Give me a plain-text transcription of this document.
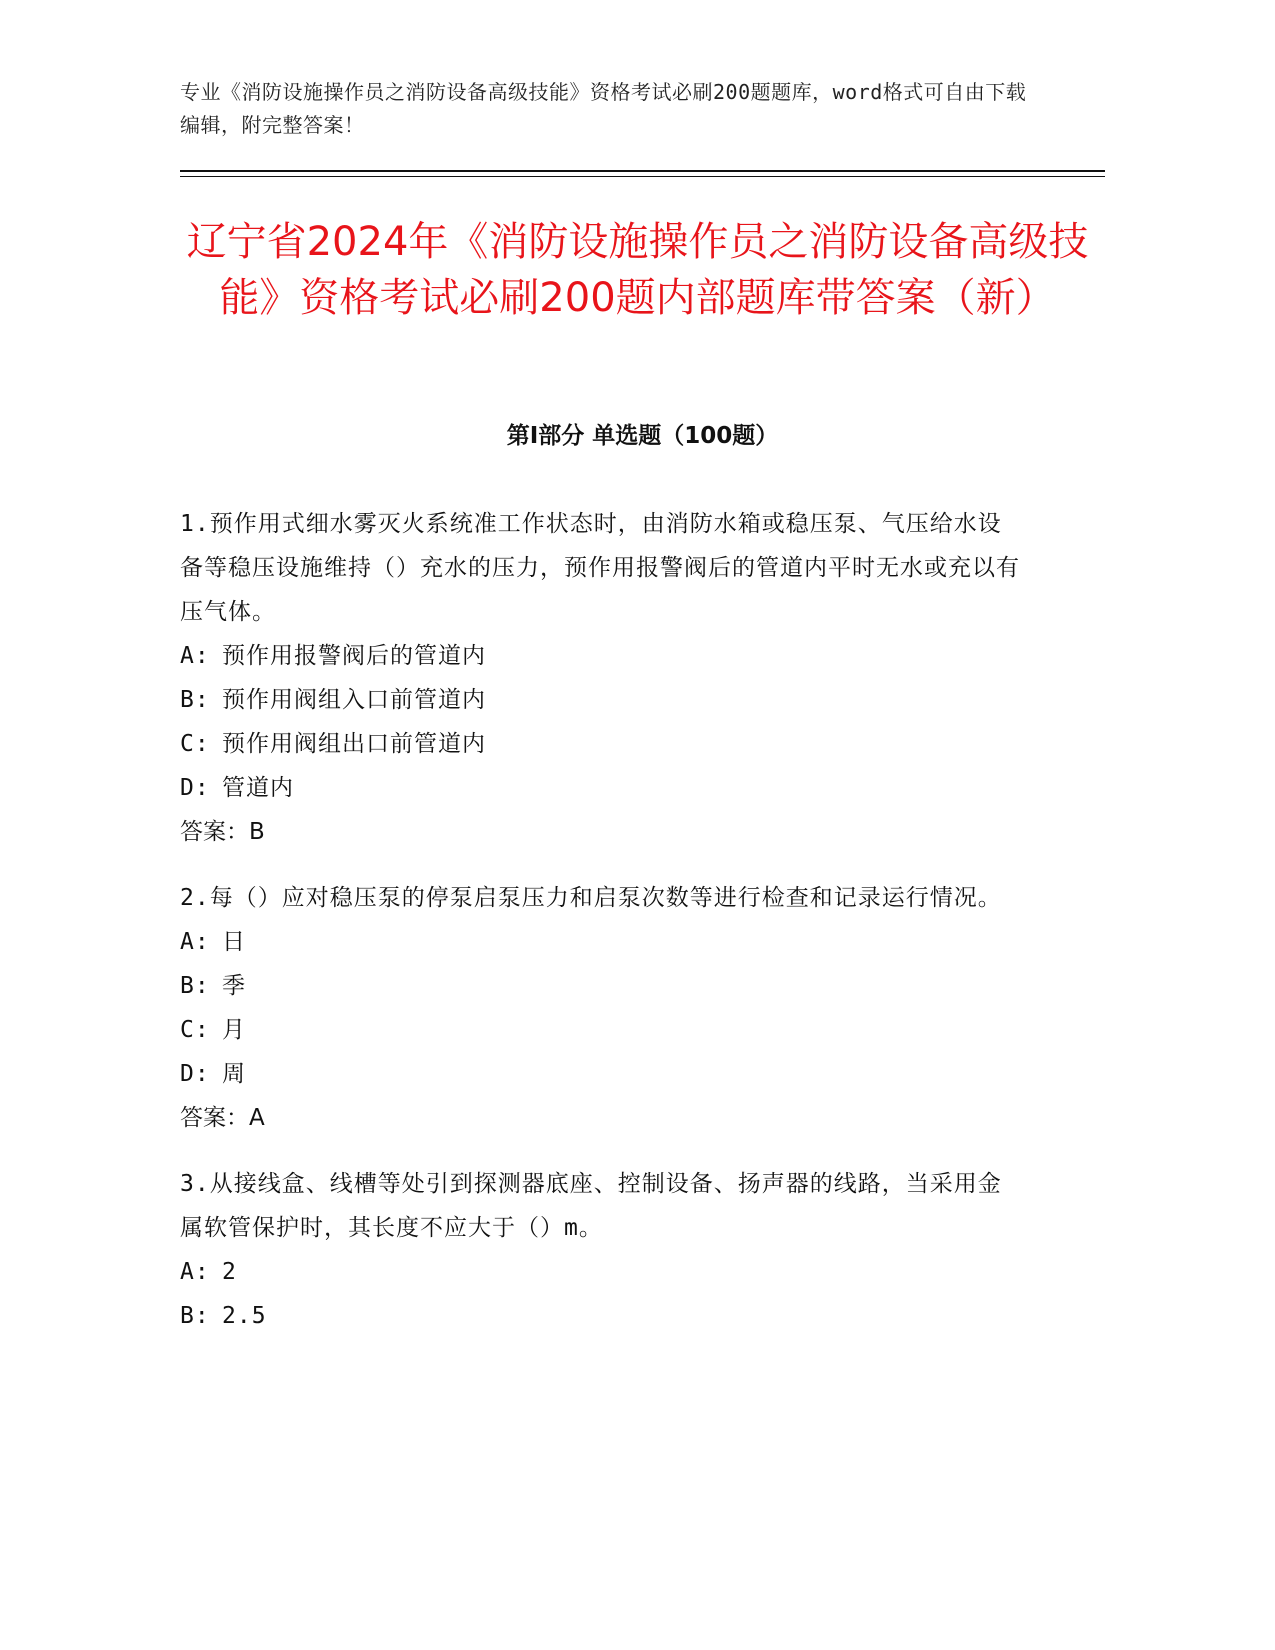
专业《消防设施操作员之消防设备高级技能》资格考试必刷200题题库，word格式可自由下载编辑，附完整答案！
辽宁省2024年《消防设施操作员之消防设备高级技能》资格考试必刷200题内部题库带答案（新）
第Ⅰ部分 单选题（100题）
1.预作用式细水雾灭火系统准工作状态时，由消防水箱或稳压泵、气压给水设备等稳压设施维持（）充水的压力，预作用报警阀后的管道内平时无水或充以有压气体。
A: 预作用报警阀后的管道内
B: 预作用阀组入口前管道内
C: 预作用阀组出口前管道内
D: 管道内
答案：B
2.每（）应对稳压泵的停泵启泵压力和启泵次数等进行检查和记录运行情况。
A: 日
B: 季
C: 月
D: 周
答案：A
3.从接线盒、线槽等处引到探测器底座、控制设备、扬声器的线路，当采用金属软管保护时，其长度不应大于（）m。
A: 2
B: 2.5
